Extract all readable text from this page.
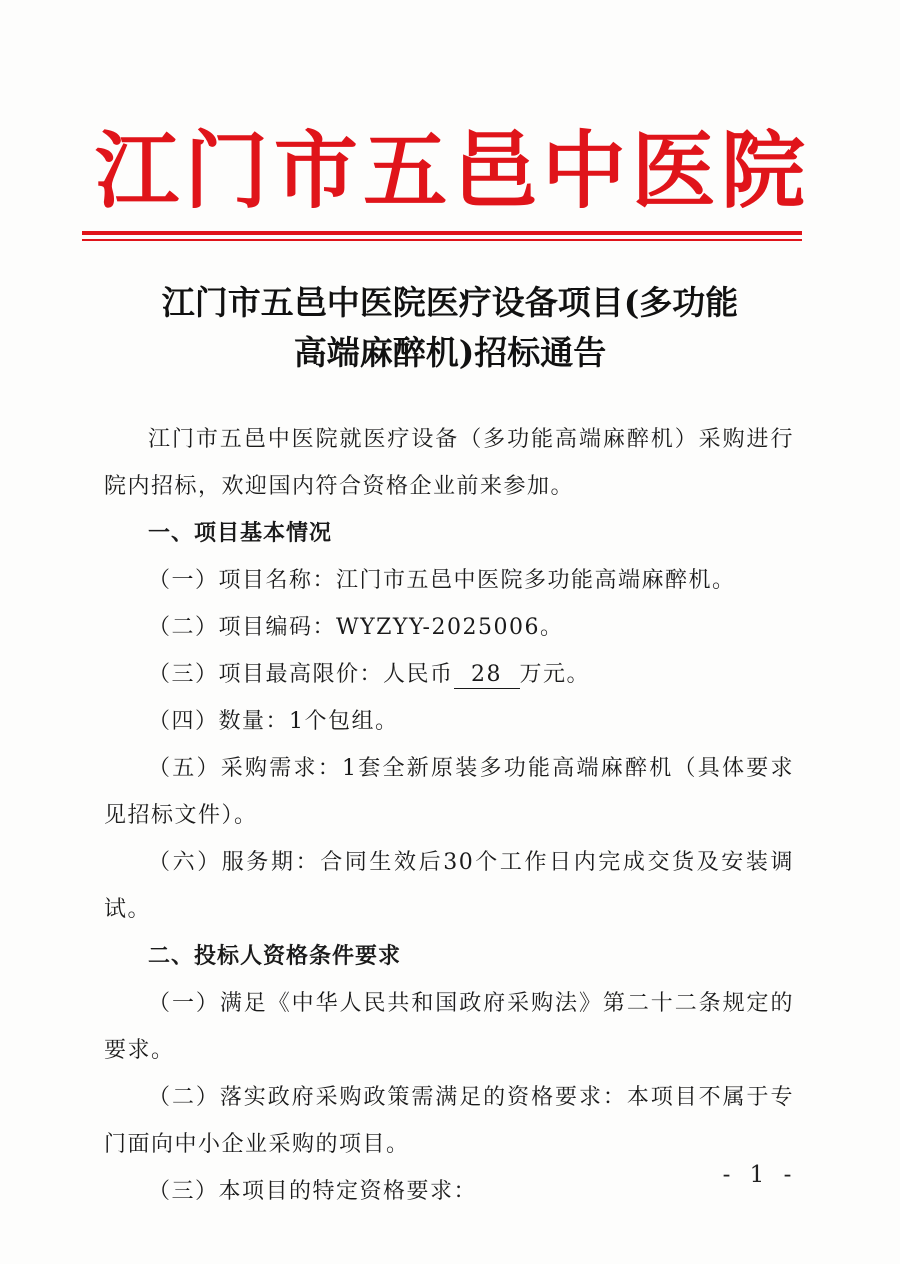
江 门 市 五 邑 中 医 院
江门市五邑中医院医疗设备项目(多功能
高端麻醉机)招标通告

江门市五邑中医院就医疗设备（多功能高端麻醉机）采购进行院内招标，欢迎国内符合资格企业前来参加。

一、项目基本情况

（一）项目名称：江门市五邑中医院多功能高端麻醉机。

（二）项目编码：WYZYY-2025006。

（三）项目最高限价：人民币 28 万元。

（四）数量：1个包组。

（五）采购需求：1套全新原装多功能高端麻醉机（具体要求见招标文件）。

（六）服务期：合同生效后30个工作日内完成交货及安装调试。

二、投标人资格条件要求

（一）满足《中华人民共和国政府采购法》第二十二条规定的要求。

（二）落实政府采购政策需满足的资格要求：本项目不属于专门面向中小企业采购的项目。

（三）本项目的特定资格要求：

- 1 -
